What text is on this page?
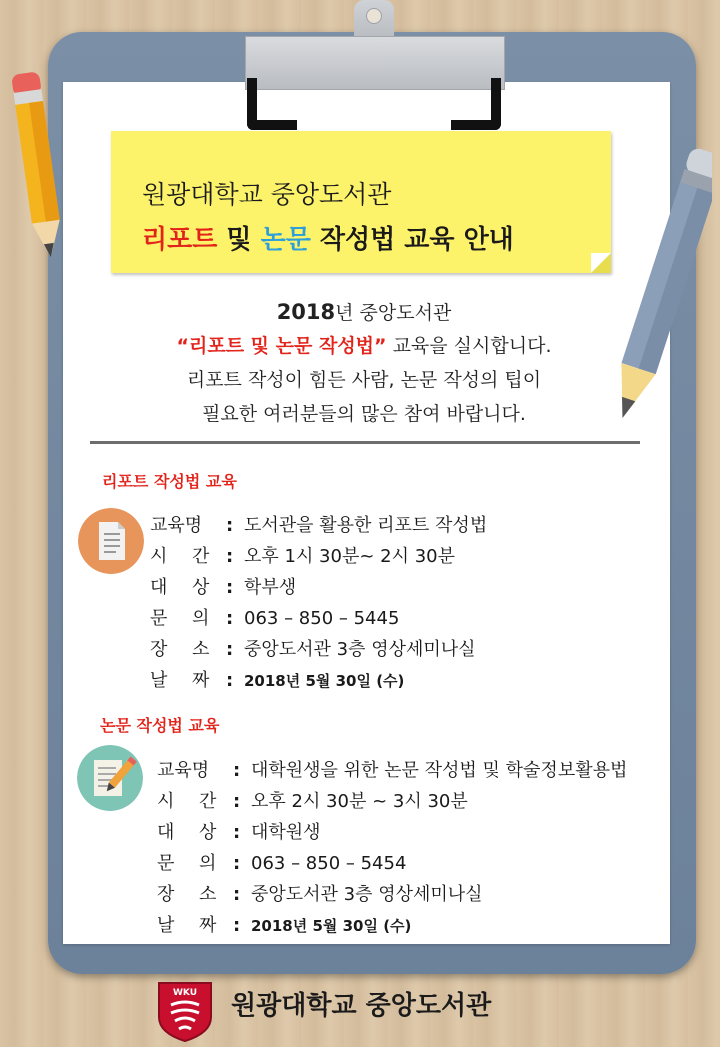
원광대학교 중앙도서관
리포트 및 논문 작성법 교육 안내
2018년 중앙도서관
“리포트 및 논문 작성법” 교육을 실시합니다.
리포트 작성이 힘든 사람, 논문 작성의 팁이
필요한 여러분들의 많은 참여 바랍니다.
리포트 작성법 교육
교육명 : 도서관을 활용한 리포트 작성법
시 간 : 오후 1시 30분~ 2시 30분
대 상 : 학부생
문 의 : 063 – 850 – 5445
장 소 : 중앙도서관 3층 영상세미나실
날 짜 : 2018년 5월 30일 (수)
논문 작성법 교육
교육명 : 대학원생을 위한 논문 작성법 및 학술정보활용법
시 간 : 오후 2시 30분 ~ 3시 30분
대 상 : 대학원생
문 의 : 063 – 850 – 5454
장 소 : 중앙도서관 3층 영상세미나실
날 짜 : 2018년 5월 30일 (수)
WKU 원광대학교 중앙도서관
